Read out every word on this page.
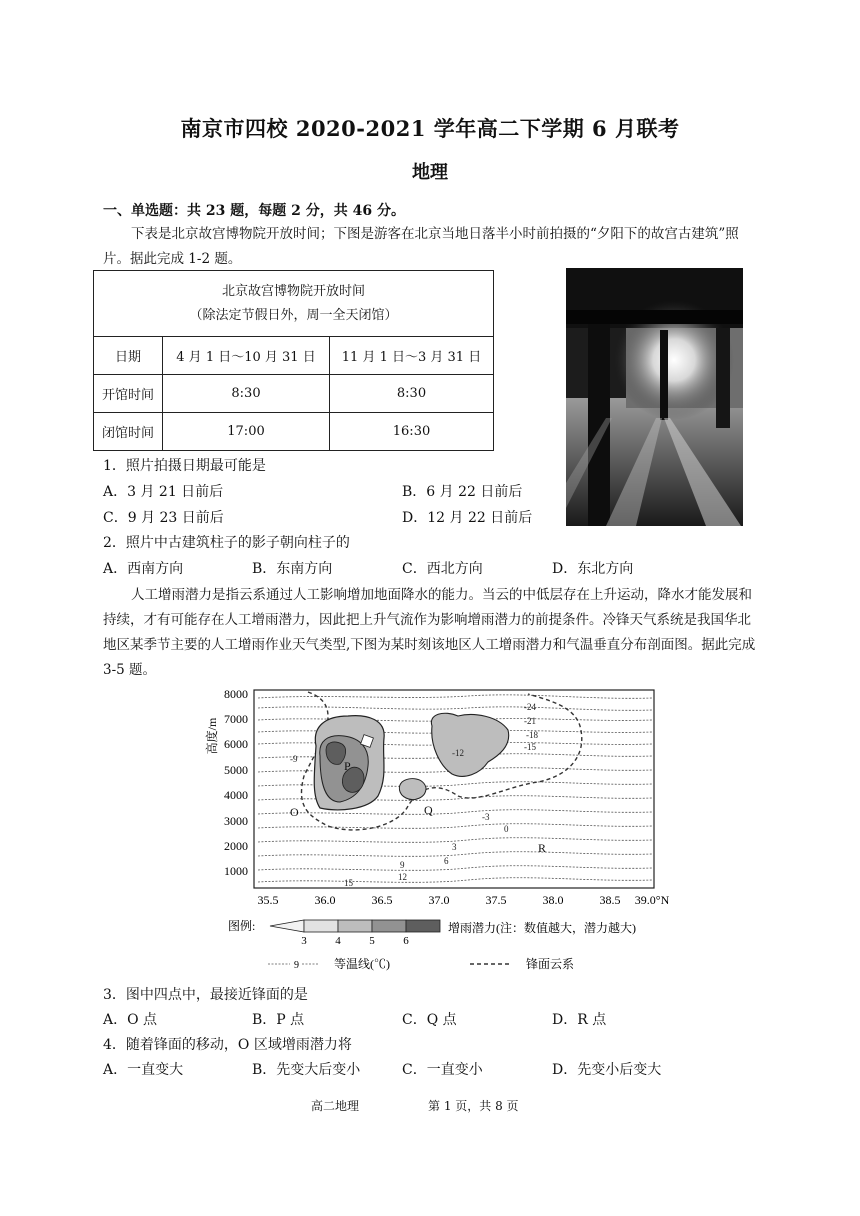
南京市四校 2020-2021 学年高二下学期 6 月联考
地理
一、单选题：共 23 题，每题 2 分，共 46 分。
下表是北京故宫博物院开放时间；下图是游客在北京当地日落半小时前拍摄的“夕阳下的故宫古建筑”照片。据此完成 1-2 题。
北京故宫博物院开放时间
（除法定节假日外，周一全天闭馆）		

日期	4 月 1 日～10 月 31 日	11 月 1 日～3 月 31 日
开馆时间	8:30	8:30
闭馆时间	17:00	16:30
1．照片拍摄日期最可能是
A．3 月 21 日前后	B．6 月 22 日前后
C．9 月 23 日前后	D．12 月 22 日前后
2．照片中古建筑柱子的影子朝向柱子的
A．西南方向	B．东南方向	C．西北方向	D．东北方向
人工增雨潜力是指云系通过人工影响增加地面降水的能力。当云的中低层存在上升运动，降水才能发展和持续，才有可能存在人工增雨潜力，因此把上升气流作为影响增雨潜力的前提条件。冷锋天气系统是我国华北地区某季节主要的人工增雨作业天气类型,下图为某时刻该地区人工增雨潜力和气温垂直分布剖面图。据此完成 3-5 题。
高度/m
8000
7000
6000
5000
4000
3000
2000
1000
35.5	36.0	36.5	37.0	37.5	38.0	38.5 39.0°N
-24
-21
-18
-15
-12
-9
-3
0
3
6
9
12
15
P
O	Q
R
图例:
3	4	5	6
增雨潜力(注：数值越大，潜力越大)
9	等温线(℃)	锋面云系
3．图中四点中，最接近锋面的是
A．O 点	B．P 点	C．Q 点	D．R 点
4．随着锋面的移动，O 区域增雨潜力将
A．一直变大	B．先变大后变小	C．一直变小	D．先变小后变大
高二地理	第 1 页，共 8 页
